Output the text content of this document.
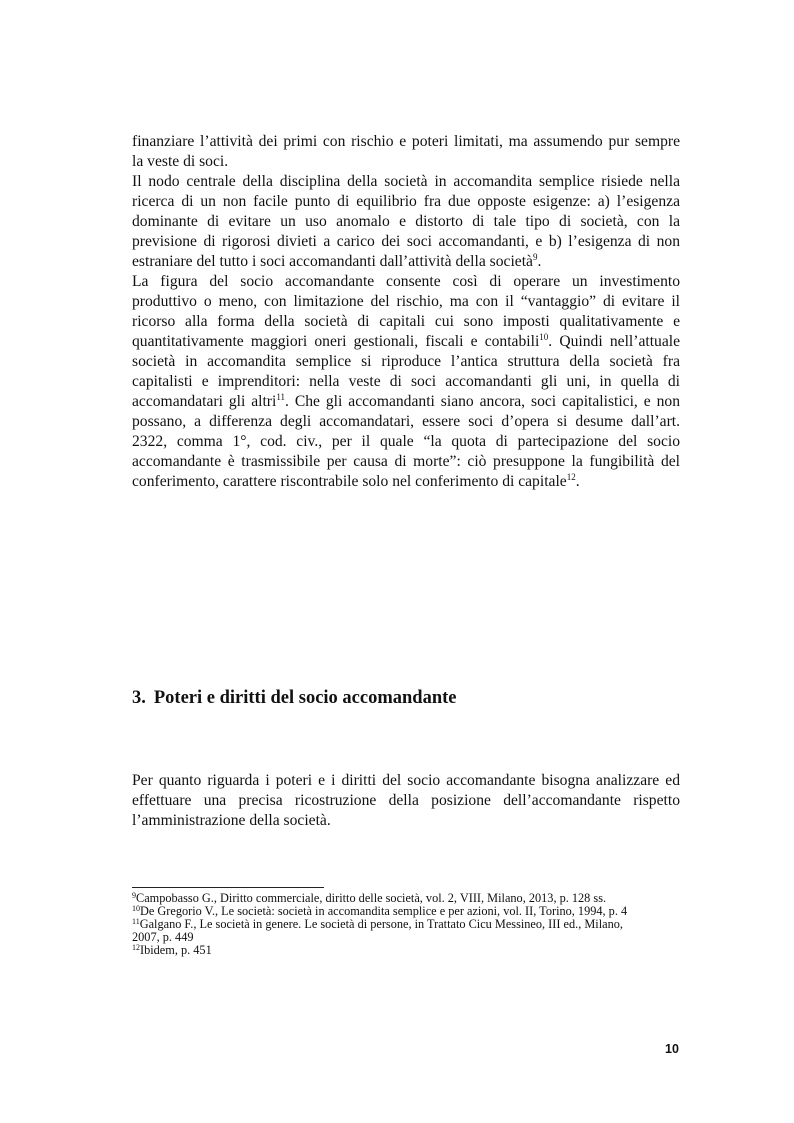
finanziare l’attività dei primi con rischio e poteri limitati, ma assumendo pur sempre

la veste di soci.

Il nodo centrale della disciplina della società in accomandita semplice risiede nella

ricerca di un non facile punto di equilibrio fra due opposte esigenze: a) l’esigenza

dominante di evitare un uso anomalo e distorto di tale tipo di società, con la

previsione di rigorosi divieti a carico dei soci accomandanti, e b) l’esigenza di non

estraniare del tutto i soci accomandanti dall’attività della società$^9$.

La figura del socio accomandante consente così di operare un investimento

produttivo o meno, con limitazione del rischio, ma con il “vantaggio” di evitare il

ricorso alla forma della società di capitali cui sono imposti qualitativamente e

quantitativamente maggiori oneri gestionali, fiscali e contabili$^{10}$. Quindi nell’attuale

società in accomandita semplice si riproduce l’antica struttura della società fra

capitalisti e imprenditori: nella veste di soci accomandanti gli uni, in quella di

accomandatari gli altri$^{11}$. Che gli accomandanti siano ancora, soci capitalistici, e non

possano, a differenza degli accomandatari, essere soci d’opera si desume dall’art.

2322, comma 1°, cod. civ., per il quale “la quota di partecipazione del socio

accomandante è trasmissibile per causa di morte”: ciò presuppone la fungibilità del

conferimento, carattere riscontrabile solo nel conferimento di capitale$^{12}$.

3. Poteri e diritti del socio accomandante

Per quanto riguarda i poteri e i diritti del socio accomandante bisogna analizzare ed

effettuare una precisa ricostruzione della posizione dell’accomandante rispetto

l’amministrazione della società.

$^9$Campobasso G., Diritto commerciale, diritto delle società, vol. 2, VIII, Milano, 2013, p. 128 ss.

$^{10}$De Gregorio V., Le società: società in accomandita semplice e per azioni, vol. II, Torino, 1994, p. 4

$^{11}$Galgano F., Le società in genere. Le società di persone, in Trattato Cicu Messineo, III ed., Milano,

2007, p. 449

$^{12}$Ibidem, p. 451

10
